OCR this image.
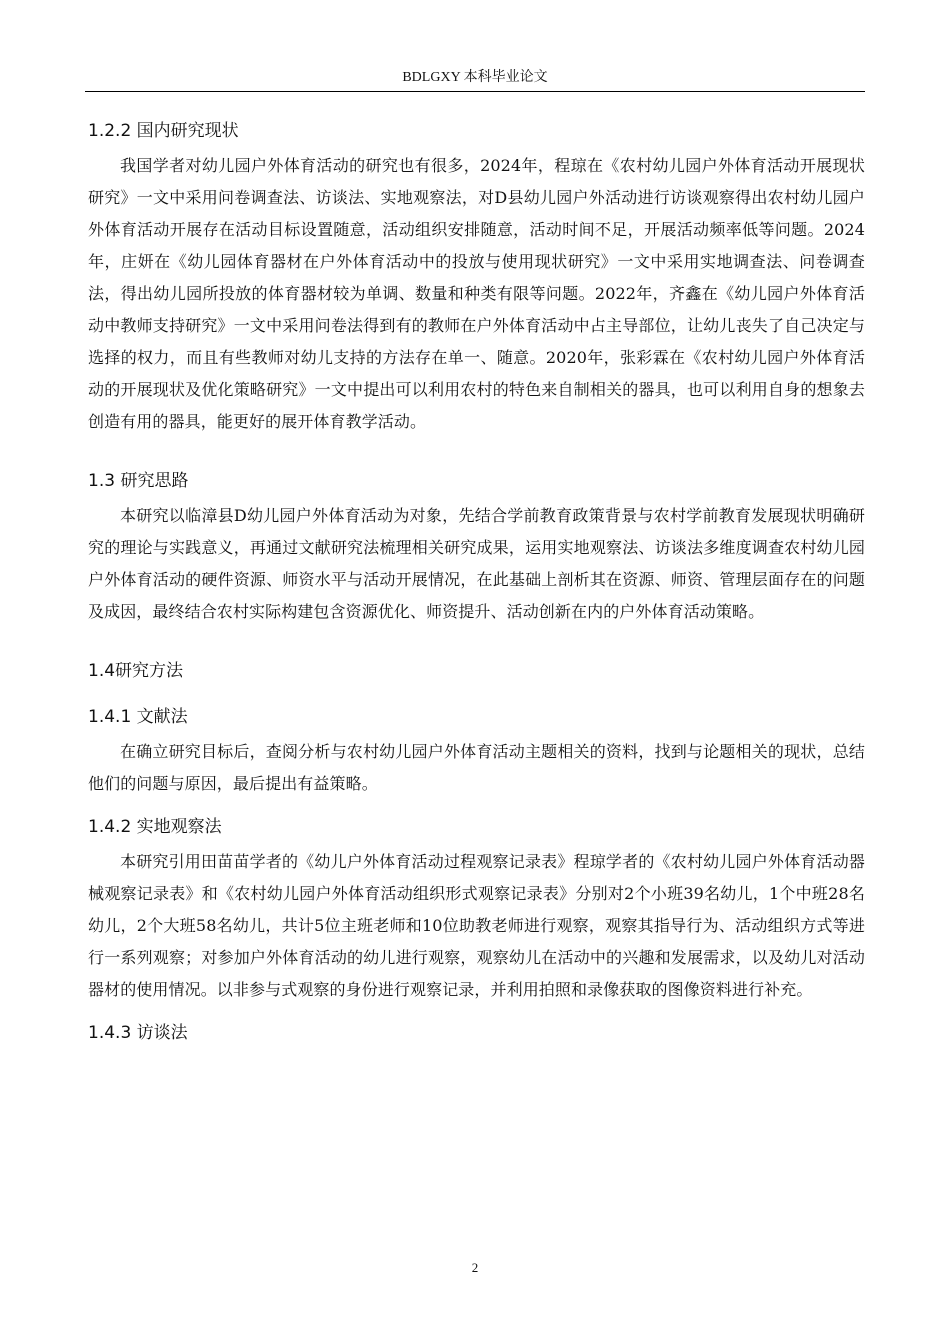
BDLGXY 本科毕业论文
1.2.2 国内研究现状

我国学者对幼儿园户外体育活动的研究也有很多，2024年，程琼在《农村幼儿园户外体育活动开展现状研究》一文中采用问卷调查法、访谈法、实地观察法，对D县幼儿园户外活动进行访谈观察得出农村幼儿园户外体育活动开展存在活动目标设置随意，活动组织安排随意，活动时间不足，开展活动频率低等问题。2024年，庄妍在《幼儿园体育器材在户外体育活动中的投放与使用现状研究》一文中采用实地调查法、问卷调查法，得出幼儿园所投放的体育器材较为单调、数量和种类有限等问题。2022年，齐鑫在《幼儿园户外体育活动中教师支持研究》一文中采用问卷法得到有的教师在户外体育活动中占主导部位，让幼儿丧失了自己决定与选择的权力，而且有些教师对幼儿支持的方法存在单一、随意。2020年，张彩霖在《农村幼儿园户外体育活动的开展现状及优化策略研究》一文中提出可以利用农村的特色来自制相关的器具，也可以利用自身的想象去创造有用的器具，能更好的展开体育教学活动。

1.3 研究思路

本研究以临漳县D幼儿园户外体育活动为对象，先结合学前教育政策背景与农村学前教育发展现状明确研究的理论与实践意义，再通过文献研究法梳理相关研究成果，运用实地观察法、访谈法多维度调查农村幼儿园户外体育活动的硬件资源、师资水平与活动开展情况，在此基础上剖析其在资源、师资、管理层面存在的问题及成因，最终结合农村实际构建包含资源优化、师资提升、活动创新在内的户外体育活动策略。

1.4研究方法
1.4.1 文献法

在确立研究目标后，查阅分析与农村幼儿园户外体育活动主题相关的资料，找到与论题相关的现状，总结他们的问题与原因，最后提出有益策略。

1.4.2 实地观察法

本研究引用田苗苗学者的《幼儿户外体育活动过程观察记录表》程琼学者的《农村幼儿园户外体育活动器械观察记录表》和《农村幼儿园户外体育活动组织形式观察记录表》分别对2个小班39名幼儿，1个中班28名幼儿，2个大班58名幼儿，共计5位主班老师和10位助教老师进行观察，观察其指导行为、活动组织方式等进行一系列观察；对参加户外体育活动的幼儿进行观察，观察幼儿在活动中的兴趣和发展需求，以及幼儿对活动器材的使用情况。以非参与式观察的身份进行观察记录，并利用拍照和录像获取的图像资料进行补充。

1.4.3 访谈法
2
